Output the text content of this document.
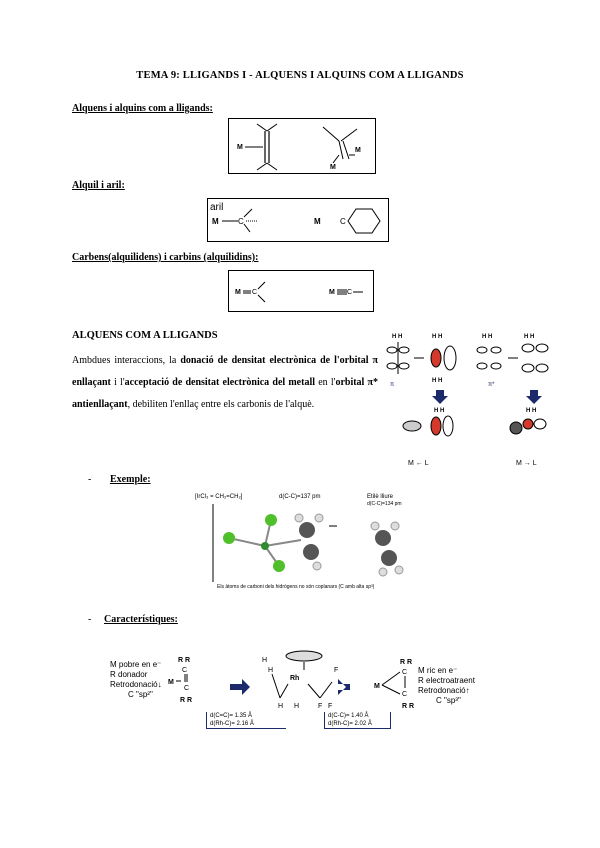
TEMA 9: LLIGANDS I - ALQUENS I ALQUINS COM A LLIGANDS
Alquens i alquins com a lligands:
M	M
M
Alquil i aril:
aril
M C	M C
Carbens(alquilidens) i carbins (alquilidins):
M C	M C
ALQUENS COM A LLIGANDS
Ambdues interaccions, la donació de densitat electrònica de l'orbital π enllaçant i l'acceptació de densitat electrònica del metall en l'orbital π* antienllaçant, debiliten l'enllaç entre els carbonis de l'alquè.
H H
π
H H
H H
H H
π*
H H
H H	H H
M ← L	M → L
- Exemple:
[IrCl₃ = CH₂=CH₂]	d(C-C)=137 pm	Etilè lliure
d(C-C)=134 pm
Els àtoms de carboni dels hidrògens no són coplanars (C amb alta sp³)
- Característiques:
M pobre en e⁻
R donador
Retrodonació↓
C "sp²"
R R
C
C
R R
M
Rh
H
H
H H	F F
F
R R
C
C
R R
M
d(C=C)= 1.35 Å
d(Rh-C)= 2.16 Å
d(C-C)= 1.40 Å
d(Rh-C)= 2.02 Å
M ric en e⁻
R electroatraent
Retrodonació↑
C "sp³"
